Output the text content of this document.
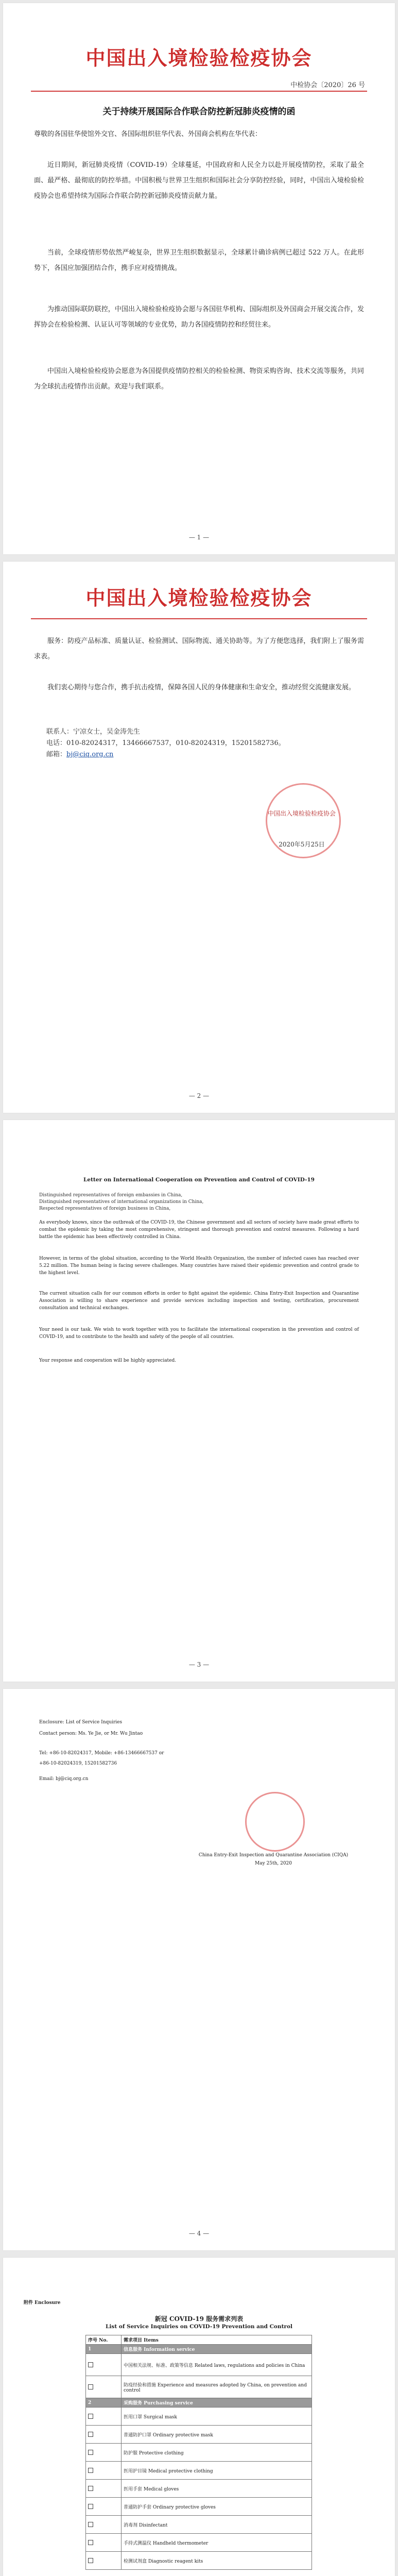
中国出入境检验检疫协会
中检协会〔2020〕26 号
关于持续开展国际合作联合防控新冠肺炎疫情的函

尊敬的各国驻华使馆外交官、各国际组织驻华代表、外国商会机构在华代表：

近日期间，新冠肺炎疫情（COVID-19）全球蔓延，中国政府和人民全力以赴开展疫情防控，采取了最全面、最严格、最彻底的防控举措。中国积极与世界卫生组织和国际社会分享防控经验，同时，中国出入境检验检疫协会也希望持续为国际合作联合防控新冠肺炎疫情贡献力量。

当前，全球疫情形势依然严峻复杂，世界卫生组织数据显示，全球累计确诊病例已超过 522 万人。在此形势下，各国应加强团结合作，携手应对疫情挑战。

为推动国际联防联控，中国出入境检验检疫协会愿与各国驻华机构、国际组织及外国商会开展交流合作，发挥协会在检验检测、认证认可等领域的专业优势，助力各国疫情防控和经贸往来。

中国出入境检验检疫协会愿意为各国提供疫情防控相关的检验检测、物资采购咨询、技术交流等服务，共同为全球抗击疫情作出贡献。欢迎与我们联系。

— 1 —
中国出入境检验检疫协会

服务：防疫产品标准、质量认证、检验测试、国际物流、通关协助等。为了方便您选择，我们附上了服务需求表。

我们衷心期待与您合作，携手抗击疫情，保障各国人民的身体健康和生命安全，推动经贸交流健康发展。

联系人：宁凉女士，吴金涛先生
电话：010-82024317，13466667537，010-82024319，15201582736。
邮箱：bj@ciq.org.cn
中国出入境检验检疫协会
2020年5月25日
— 2 —
Letter on International Cooperation on Prevention and Control of COVID-19

Distinguished representatives of foreign embassies in China,

Distinguished representatives of international organizations in China,

Respected representatives of foreign business in China,

As everybody knows, since the outbreak of the COVID-19, the Chinese government and all sectors of society have made great efforts to combat the epidemic by taking the most comprehensive, stringent and thorough prevention and control measures. Following a hard battle the epidemic has been effectively controlled in China.

However, in terms of the global situation, according to the World Health Organization, the number of infected cases has reached over 5.22 million. The human being is facing severe challenges. Many countries have raised their epidemic prevention and control grade to the highest level.

The current situation calls for our common efforts in order to fight against the epidemic. China Entry-Exit Inspection and Quarantine Association is willing to share experience and provide services including inspection and testing, certification, procurement consultation and technical exchanges.

Your need is our task. We wish to work together with you to facilitate the international cooperation in the prevention and control of COVID-19, and to contribute to the health and safety of the people of all countries.

Your response and cooperation will be highly appreciated.

— 3 —
Enclosure: List of Service Inquiries
Contact person: Ms. Ye Jie, or Mr. Wu Jintao
Tel: +86-10-82024317, Mobile: +86-13466667537 or
+86-10-82024319, 15201582736
Email: bj@ciq.org.cn
China Entry-Exit Inspection and Quarantine Association (CIQA)
May 25th, 2020
— 4 —
附件 Enclosure
新冠 COVID-19 服务需求列表
List of Service Inquiries on COVID-19 Prevention and Control
序号 No.	需求项目 Items
1	信息服务 Information service
	中国相关法规、标准、政策等信息 Related laws, regulations and policies in China
	防疫经验和措施 Experience and measures adopted by China, on prevention and control
2	采购服务 Purchasing service
	医用口罩 Surgical mask
	普通防护口罩 Ordinary protective mask
	防护服 Protective clothing
	医用护目镜 Medical protective clothing
	医用手套 Medical gloves
	普通防护手套 Ordinary protective gloves
	消毒剂 Disinfectant
	手持式测温仪 Handheld thermometer
	检测试剂盒 Diagnostic reagent kits
